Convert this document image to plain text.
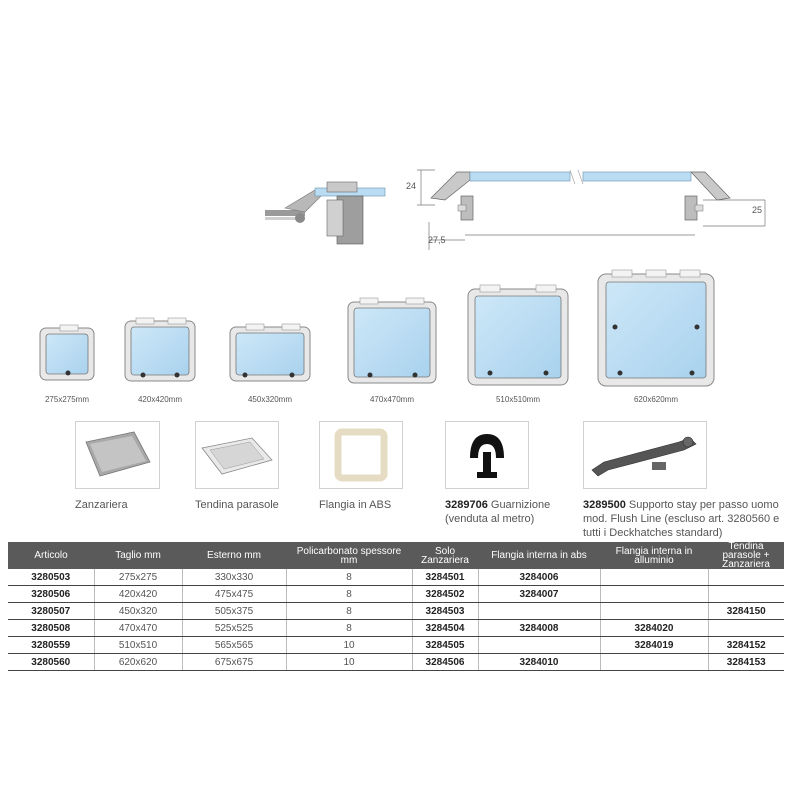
24
27,5
25
275x275mm	420x420mm	450x320mm	470x470mm	510x510mm	620x620mm
Zanzariera	Tendina parasole	Flangia in ABS	3289706 Guarnizione
(venduta al metro)
3289500 Supporto stay per passo uomo
mod. Flush Line (escluso art. 3280560 e
tutti i Deckhatches standard)
Articolo	Taglio mm	Esterno mm	Policarbonato spessore mm	Solo Zanzariera	Flangia interna in abs	Flangia interna in alluminio	Tendina parasole + Zanzariera
3280503	275x275	330x330	8	3284501	3284006		
3280506	420x420	475x475	8	3284502	3284007		
3280507	450x320	505x375	8	3284503			3284150
3280508	470x470	525x525	8	3284504	3284008	3284020	
3280559	510x510	565x565	10	3284505		3284019	3284152
3280560	620x620	675x675	10	3284506	3284010		3284153
